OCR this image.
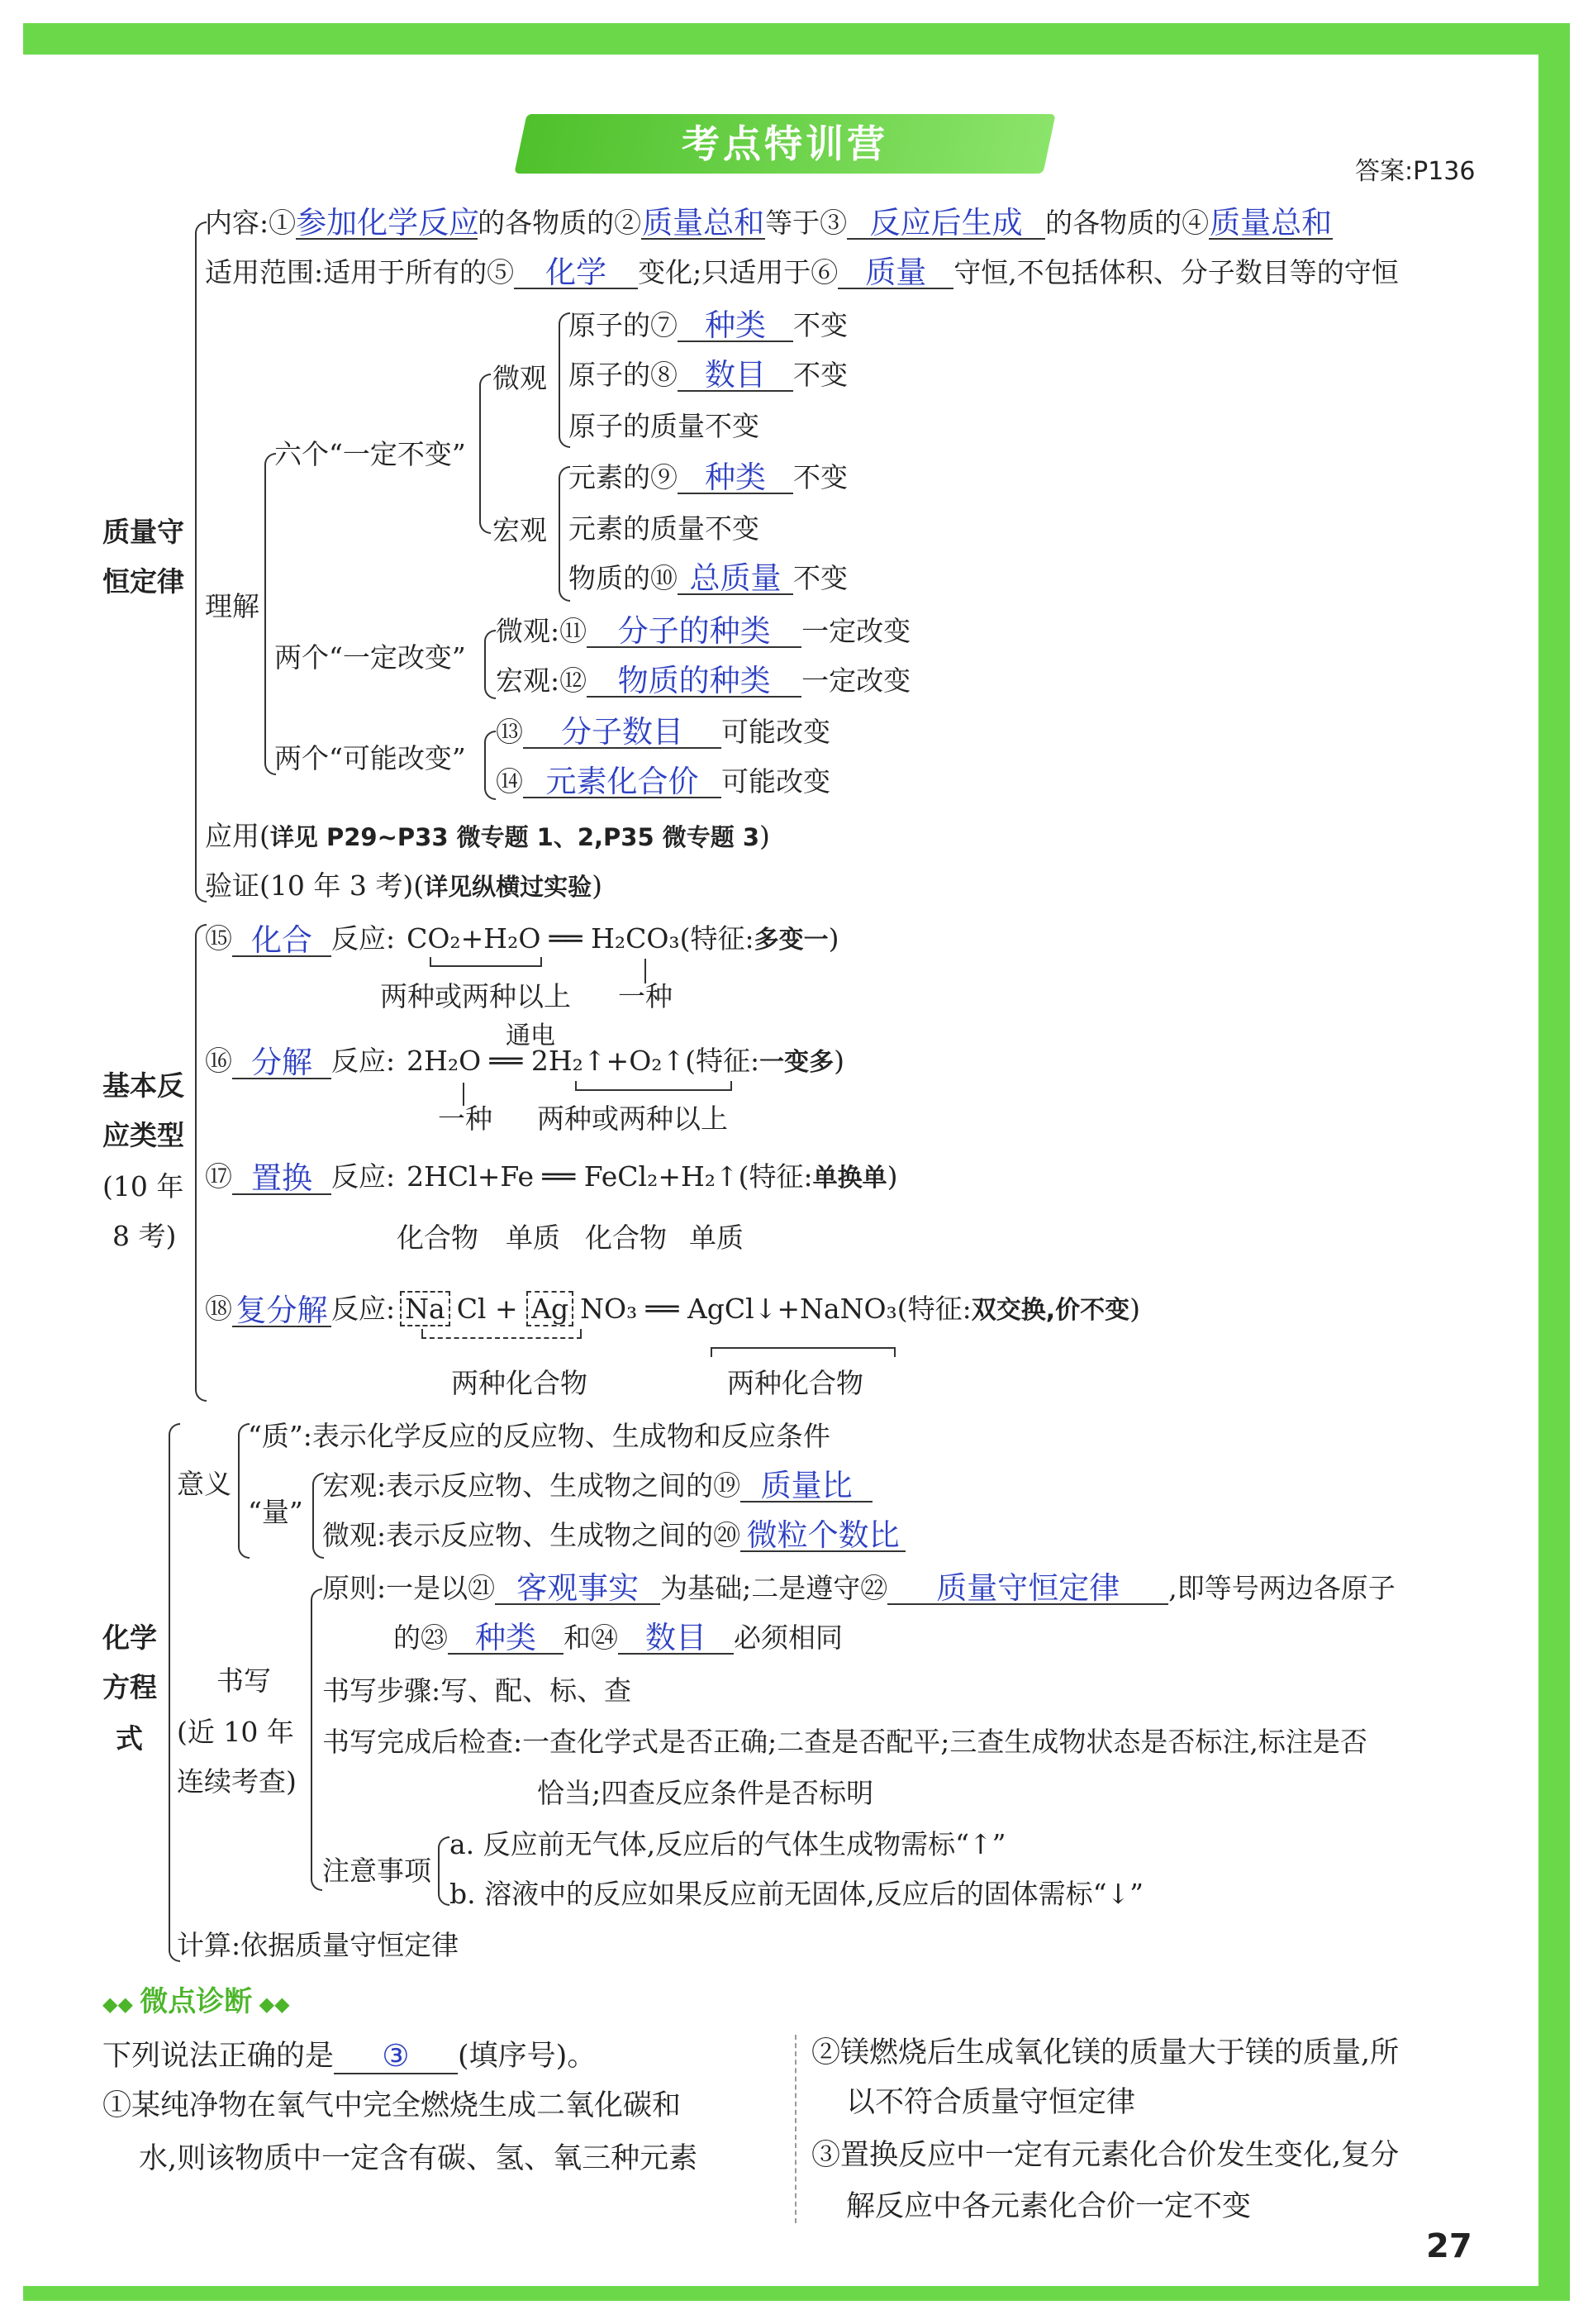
考点特训营
答案:P136
质量守
恒定律
内容:①参加化学反应的各物质的②质量总和等于③ 反应后生成 的各物质的④质量总和
适用范围:适用于所有的⑤ 化学 变化;只适用于⑥ 质量 守恒,不包括体积、分子数目等的守恒
理解
六个“一定不变”
微观
原子的⑦ 种类 不变
原子的⑧ 数目 不变
原子的质量不变
宏观
元素的⑨ 种类 不变
元素的质量不变
物质的⑩ 总质量 不变
两个“一定改变”
微观:⑪ 分子的种类 一定改变
宏观:⑫ 物质的种类 一定改变
两个“可能改变”
⑬ 分子数目 可能改变
⑭ 元素化合价 可能改变
应用(详见 P29~P33 微专题 1、2,P35 微专题 3)
验证(10 年 3 考)(详见纵横过实验)
基本反
应类型
(10 年
8 考)
⑮ 化合 反应: CO₂+H₂O ══ H₂CO₃(特征:多变一)
两种或两种以上 一种
⑯ 分解 反应: 2H₂O ══ 2H₂↑+O₂↑(特征:一变多)
通电
一种 两种或两种以上
⑰ 置换 反应: 2HCl+Fe ══ FeCl₂+H₂↑(特征:单换单)
化合物 单质 化合物 单质
⑱ 复分解 反应: Na Cl + Ag NO₃ ══ AgCl↓+NaNO₃(特征:双交换,价不变)
两种化合物	两种化合物
化学
方程
式
意义
“质”:表示化学反应的反应物、生成物和反应条件
“量”
宏观:表示反应物、生成物之间的⑲ 质量比
微观:表示反应物、生成物之间的⑳ 微粒个数比
书写
(近 10 年
连续考查)
原则:一是以㉑ 客观事实 为基础;二是遵守㉒ 质量守恒定律 ,即等号两边各原子
的㉓ 种类 和㉔ 数目 必须相同
书写步骤:写、配、标、查
书写完成后检查:一查化学式是否正确;二查是否配平;三查生成物状态是否标注,标注是否
恰当;四查反应条件是否标明
注意事项
a. 反应前无气体,反应后的气体生成物需标“↑”
b. 溶液中的反应如果反应前无固体,反应后的固体需标“↓”
计算:依据质量守恒定律
◆◆ 微点诊断 ◆◆
下列说法正确的是 ③ (填序号)。
①某纯净物在氧气中完全燃烧生成二氧化碳和
水,则该物质中一定含有碳、氢、氧三种元素
②镁燃烧后生成氧化镁的质量大于镁的质量,所
以不符合质量守恒定律
③置换反应中一定有元素化合价发生变化,复分
解反应中各元素化合价一定不变
27
